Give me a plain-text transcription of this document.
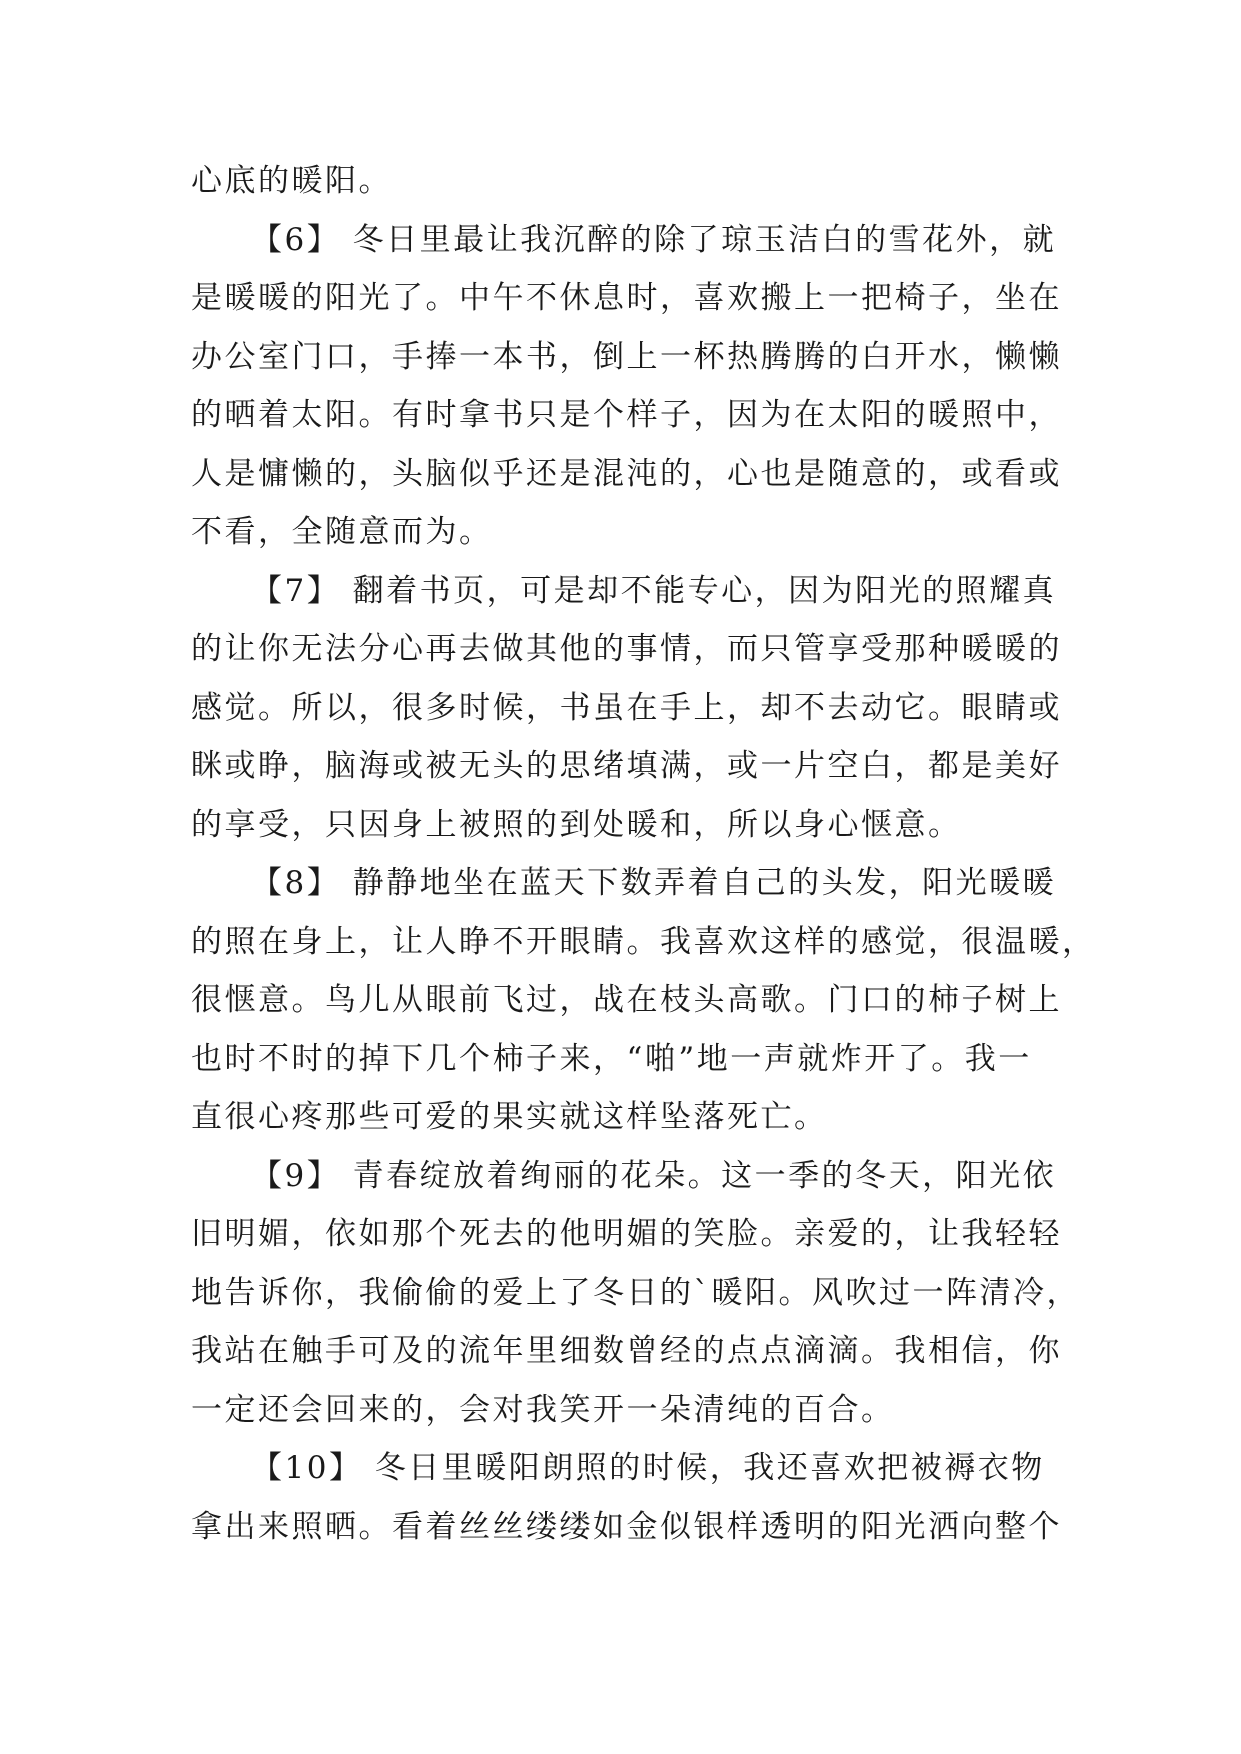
心底的暖阳。
【6】 冬日里最让我沉醉的除了琼玉洁白的雪花外，就
是暖暖的阳光了。中午不休息时，喜欢搬上一把椅子，坐在
办公室门口，手捧一本书，倒上一杯热腾腾的白开水，懒懒
的晒着太阳。有时拿书只是个样子，因为在太阳的暖照中，
人是慵懒的，头脑似乎还是混沌的，心也是随意的，或看或
不看，全随意而为。
【7】 翻着书页，可是却不能专心，因为阳光的照耀真
的让你无法分心再去做其他的事情，而只管享受那种暖暖的
感觉。所以，很多时候，书虽在手上，却不去动它。眼睛或
眯或睁，脑海或被无头的思绪填满，或一片空白，都是美好
的享受，只因身上被照的到处暖和，所以身心惬意。
【8】 静静地坐在蓝天下数弄着自己的头发，阳光暖暖
的照在身上，让人睁不开眼睛。我喜欢这样的感觉，很温暖，
很惬意。鸟儿从眼前飞过，战在枝头高歌。门口的柿子树上
也时不时的掉下几个柿子来，“啪”地一声就炸开了。我一
直很心疼那些可爱的果实就这样坠落死亡。
【9】 青春绽放着绚丽的花朵。这一季的冬天，阳光依
旧明媚，依如那个死去的他明媚的笑脸。亲爱的，让我轻轻
地告诉你，我偷偷的爱上了冬日的`暖阳。风吹过一阵清冷，
我站在触手可及的流年里细数曾经的点点滴滴。我相信，你
一定还会回来的，会对我笑开一朵清纯的百合。
【10】 冬日里暖阳朗照的时候，我还喜欢把被褥衣物
拿出来照晒。看着丝丝缕缕如金似银样透明的阳光洒向整个
